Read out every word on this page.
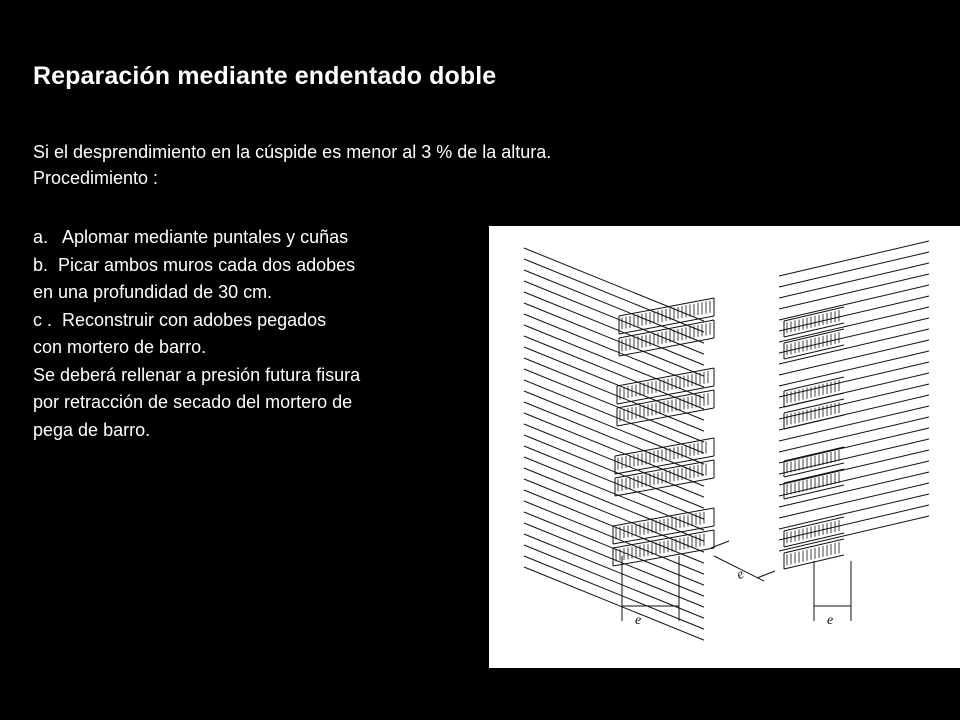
Reparación mediante endentado doble
Si el desprendimiento en la cúspide es menor al 3 % de la altura.
Procedimiento :
a.   Aplomar mediante puntales y cuñas
b.  Picar ambos muros cada dos adobes
en una profundidad de 30 cm.
c .  Reconstruir con adobes pegados
con mortero de barro.
Se deberá rellenar a presión futura fisura
por retracción de secado del mortero de
pega de barro.
e	e
e
